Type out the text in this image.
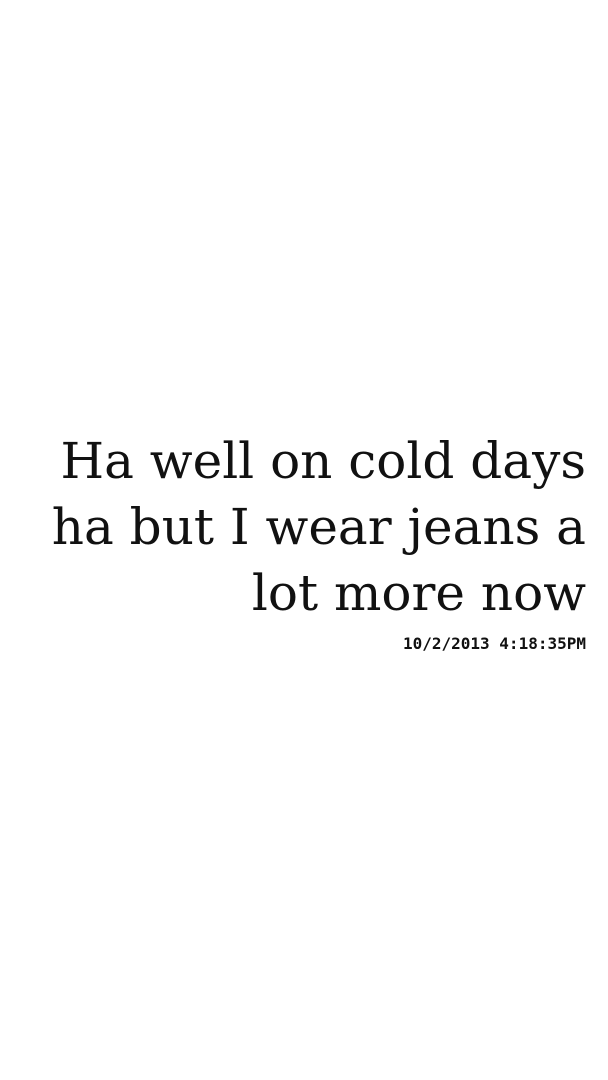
Ha well on cold days ha but I wear jeans a lot more now

10/2/2013 4:18:35PM
